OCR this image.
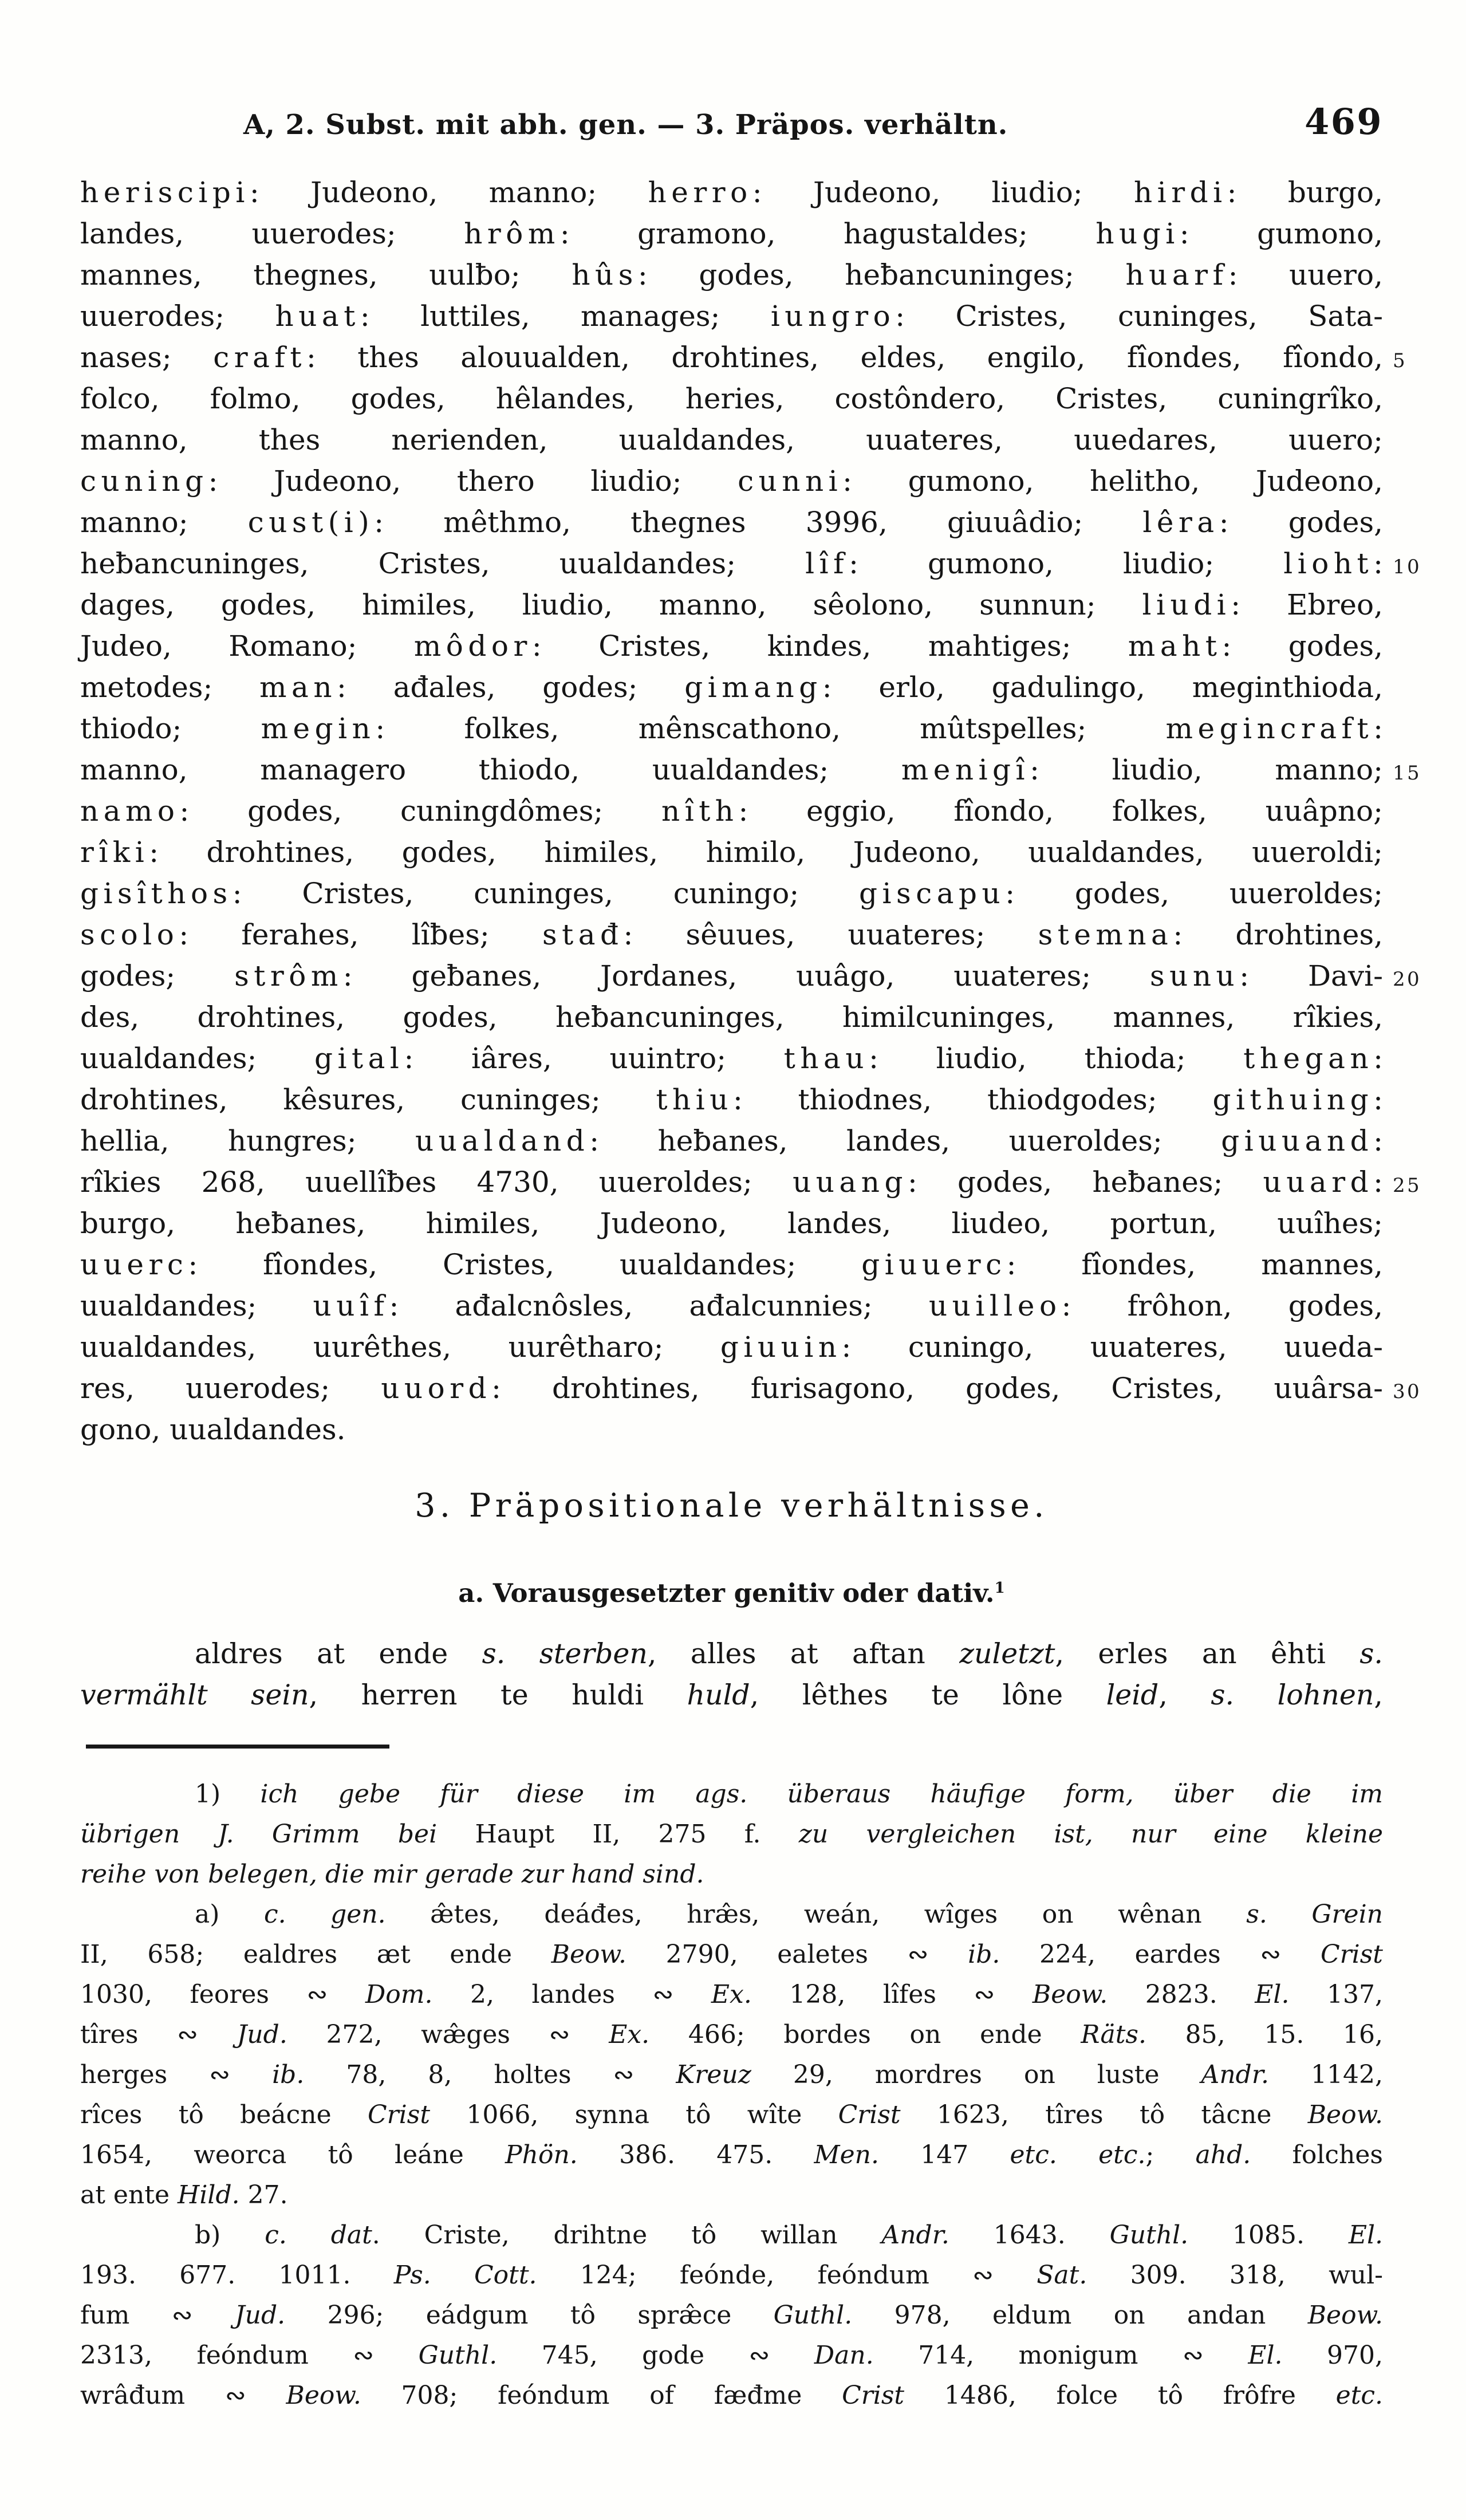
A, 2. Subst. mit abh. gen. — 3. Präpos. verhältn.	469
heriscipi: Judeono, manno; herro: Judeono, liudio; hirdi: burgo,
landes, uuerodes; hrôm: gramono, hagustaldes; hugi: gumono,
mannes, thegnes, uulƀo; hûs: godes, heƀancuninges; huarf: uuero,
uuerodes; huat: luttiles, manages; iungro: Cristes, cuninges, Sata-
nases; craft: thes alouualden, drohtines, eldes, engilo, fîondes, fîondo,
folco, folmo, godes, hêlandes, heries, costôndero, Cristes, cuningrîko,
manno, thes nerienden, uualdandes, uuateres, uuedares, uuero;
cuning: Judeono, thero liudio; cunni: gumono, helitho, Judeono,
manno; cust(i): mêthmo, thegnes 3996, giuuâdio; lêra: godes,
heƀancuninges, Cristes, uualdandes; lîf: gumono, liudio; lioht:
dages, godes, himiles, liudio, manno, sêolono, sunnun; liudi: Ebreo,
Judeo, Romano; môdor: Cristes, kindes, mahtiges; maht: godes,
metodes; man: ađales, godes; gimang: erlo, gadulingo, meginthioda,
thiodo; megin: folkes, mênscathono, mûtspelles; megincraft:
manno, managero thiodo, uualdandes; menigî: liudio, manno;
namo: godes, cuningdômes; nîth: eggio, fîondo, folkes, uuâpno;
rîki: drohtines, godes, himiles, himilo, Judeono, uualdandes, uueroldi;
gisîthos: Cristes, cuninges, cuningo; giscapu: godes, uueroldes;
scolo: ferahes, lîƀes; stađ: sêuues, uuateres; stemna: drohtines,
godes; strôm: geƀanes, Jordanes, uuâgo, uuateres; sunu: Davi-
des, drohtines, godes, heƀancuninges, himilcuninges, mannes, rîkies,
uualdandes; gital: iâres, uuintro; thau: liudio, thioda; thegan:
drohtines, kêsures, cuninges; thiu: thiodnes, thiodgodes; githuing:
hellia, hungres; uualdand: heƀanes, landes, uueroldes; giuuand:
rîkies 268, uuellîƀes 4730, uueroldes; uuang: godes, heƀanes; uuard:
burgo, heƀanes, himiles, Judeono, landes, liudeo, portun, uuîhes;
uuerc: fîondes, Cristes, uualdandes; giuuerc: fîondes, mannes,
uualdandes; uuîf: ađalcnôsles, ađalcunnies; uuilleo: frôhon, godes,
uualdandes, uurêthes, uurêtharo; giuuin: cuningo, uuateres, uueda-
res, uuerodes; uuord: drohtines, furisagono, godes, Cristes, uuârsa-
gono, uualdandes.
5
10
15
20
25
30
3. Präpositionale verhältnisse.
a. Vorausgesetzter genitiv oder dativ.$^1$
aldres at ende s. sterben, alles at aftan zuletzt, erles an êhti s.
vermählt sein, herren te huldi huld, lêthes te lône leid, s. lohnen,
1) ich gebe für diese im ags. überaus häufige form, über die im
übrigen J. Grimm bei Haupt II, 275 f. zu vergleichen ist, nur eine kleine
reihe von belegen, die mir gerade zur hand sind.
a) c. gen. æ̂tes, deáđes, hræ̂s, weán, wîges on wênan s. Grein
II, 658; ealdres æt ende Beow. 2790, ealetes ∾ ib. 224, eardes ∾ Crist
1030, feores ∾ Dom. 2, landes ∾ Ex. 128, lîfes ∾ Beow. 2823. El. 137,
tîres ∾ Jud. 272, wæ̂ges ∾ Ex. 466; bordes on ende Räts. 85, 15. 16,
herges ∾ ib. 78, 8, holtes ∾ Kreuz 29, mordres on luste Andr. 1142,
rîces tô beácne Crist 1066, synna tô wîte Crist 1623, tîres tô tâcne Beow.
1654, weorca tô leáne Phön. 386. 475. Men. 147 etc. etc.; ahd. folches
at ente Hild. 27.
b) c. dat. Criste, drihtne tô willan Andr. 1643. Guthl. 1085. El.
193. 677. 1011. Ps. Cott. 124; feónde, feóndum ∾ Sat. 309. 318, wul-
fum ∾ Jud. 296; eádgum tô spræ̂ce Guthl. 978, eldum on andan Beow.
2313, feóndum ∾ Guthl. 745, gode ∾ Dan. 714, monigum ∾ El. 970,
wrâđum ∾ Beow. 708; feóndum of fæđme Crist 1486, folce tô frôfre etc.
